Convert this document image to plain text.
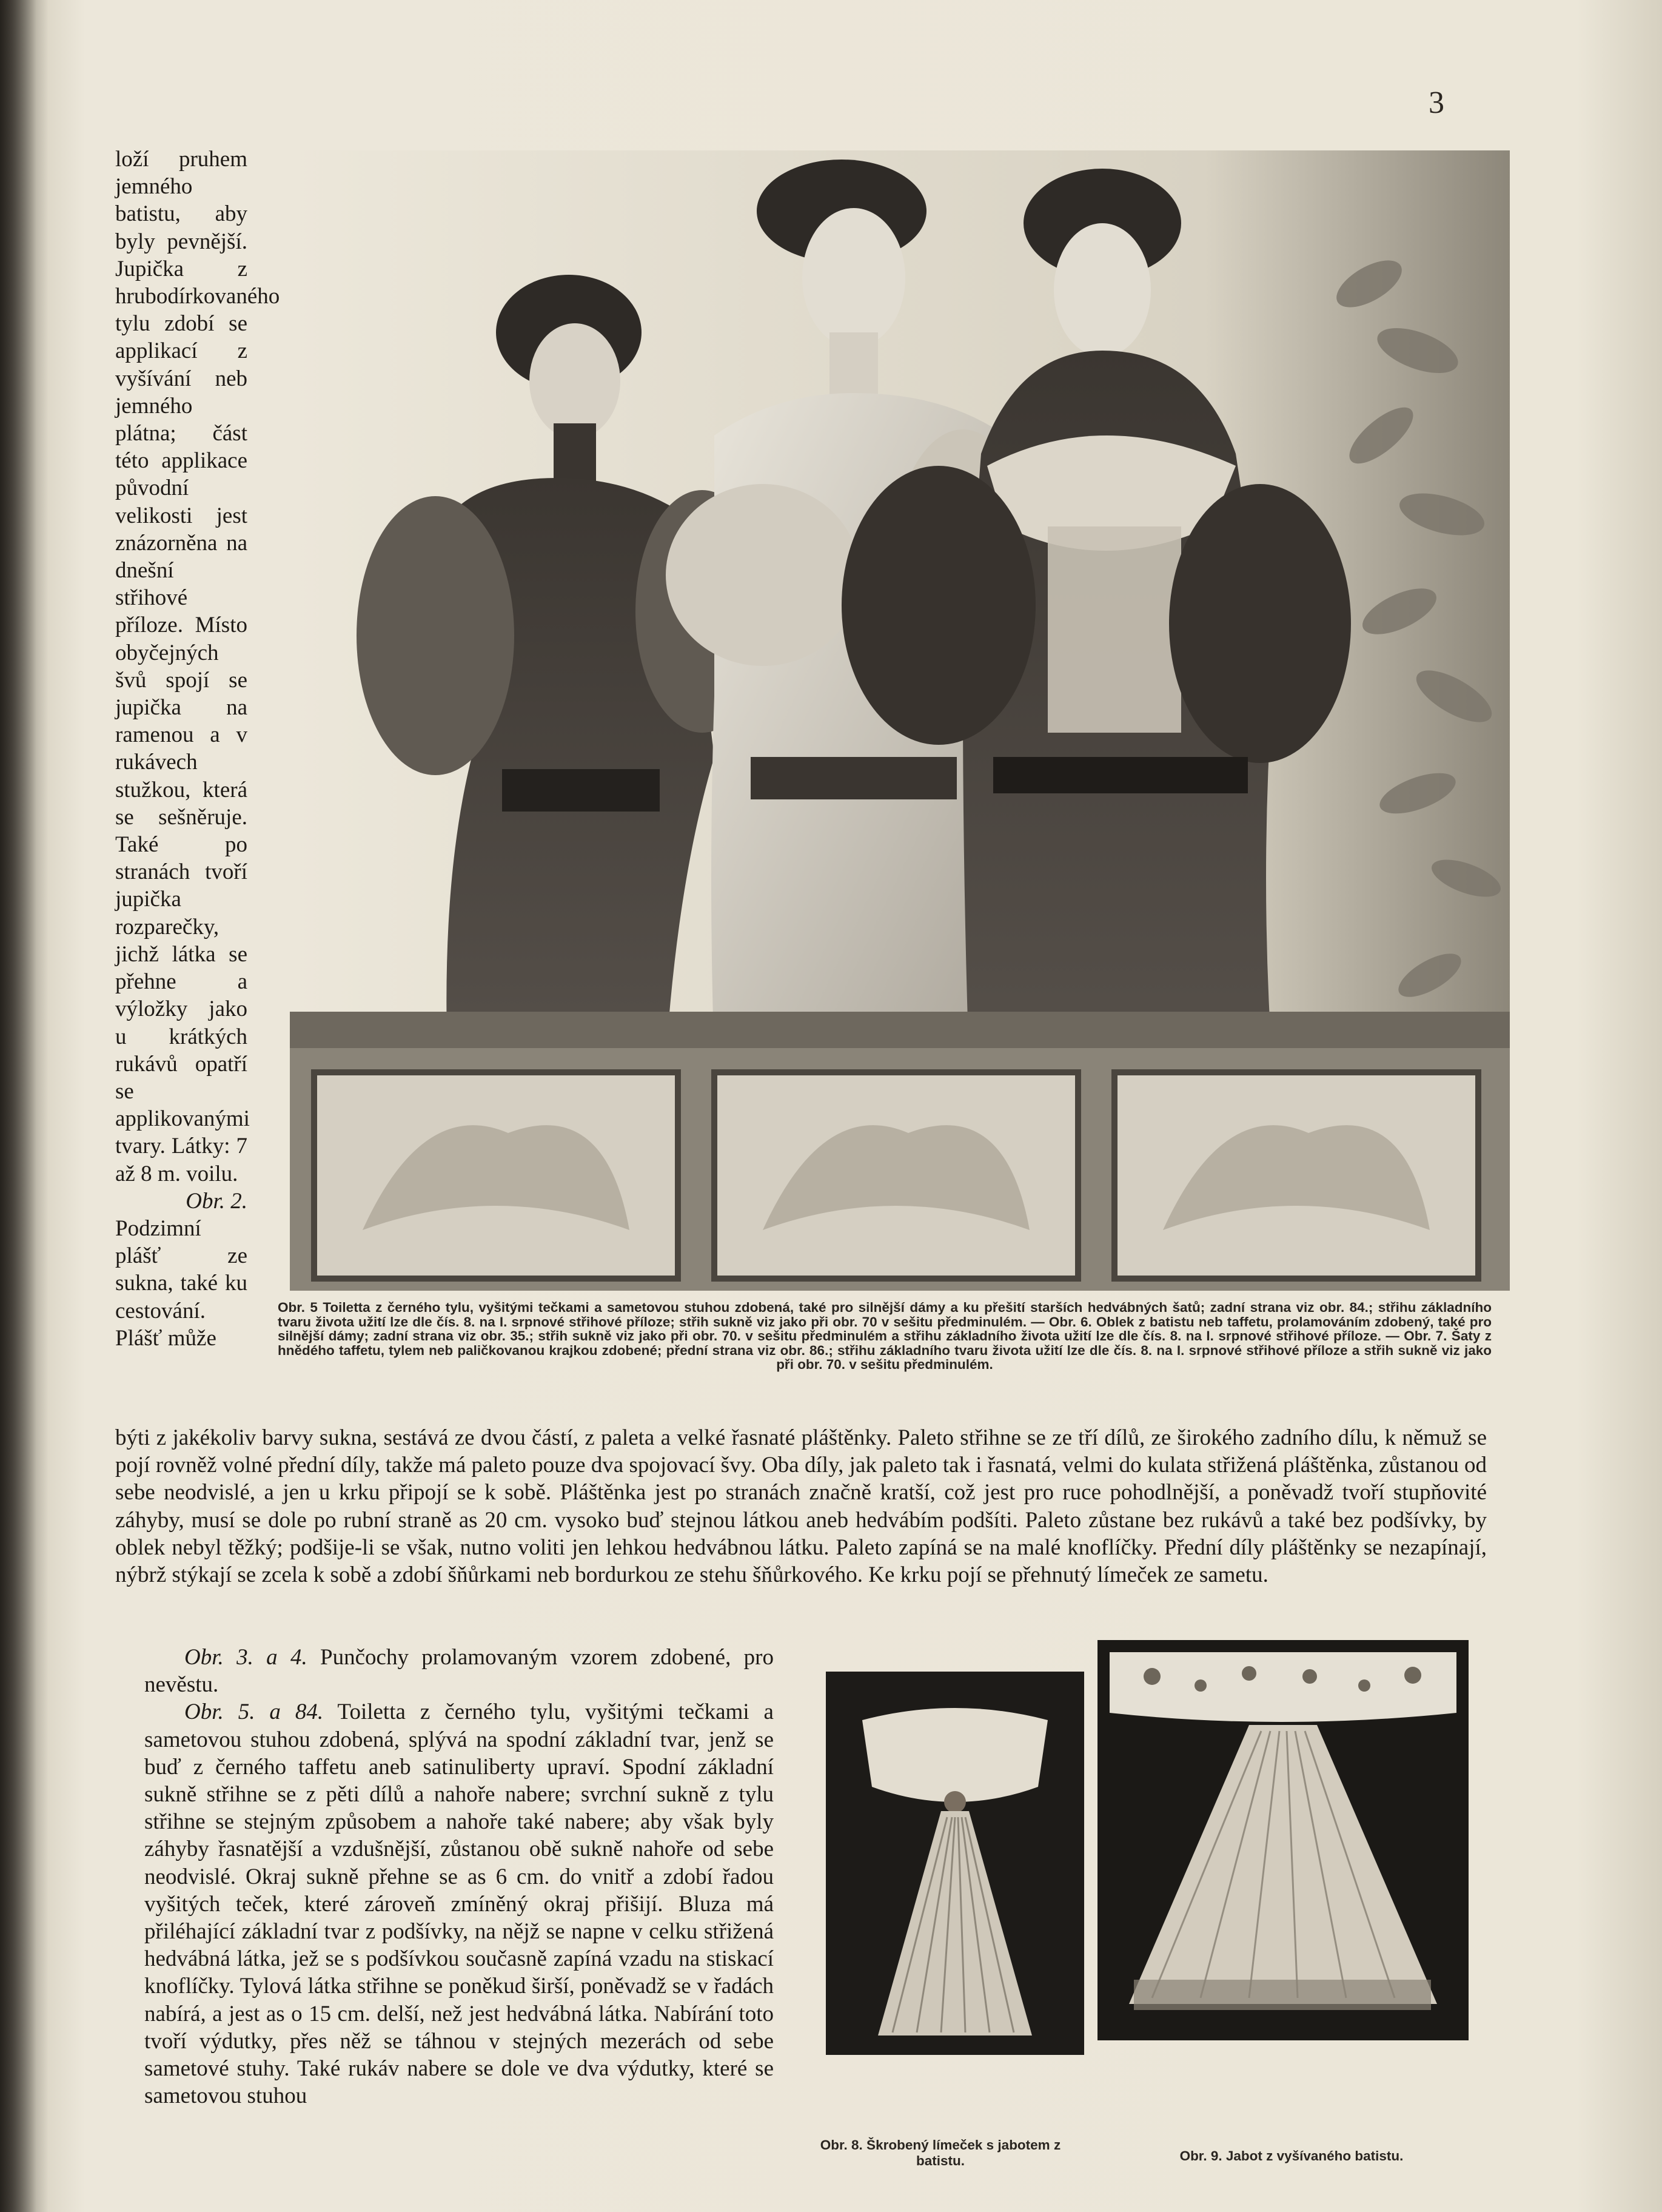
3
loží pruhem jemného batistu, aby byly pevnější. Jupička z hrubodírkovaného tylu zdobí se applikací z vyšívání neb jemného plátna; část této applikace původní velikosti jest znázorněna na dnešní střihové příloze. Místo obyčejných švů spojí se jupička na ramenou a v rukávech stužkou, která se sešněruje. Také po stranách tvoří jupička rozparečky, jichž látka se přehne a výložky jako u krátkých rukávů opatří se applikovanými tvary. Látky: 7 až 8 m. voilu.
Obr. 2.
Podzimní plášť ze sukna, také ku cestování. Plášť může
Obr. 5 Toiletta z černého tylu, vyšitými tečkami a sametovou stuhou zdobená, také pro silnější dámy a ku přešití starších hedvábných šatů; zadní strana viz obr. 84.; střihu základního tvaru života užití lze dle čís. 8. na I. srpnové střihové příloze; střih sukně viz jako při obr. 70 v sešitu předminulém. — Obr. 6. Oblek z batistu neb taffetu, prolamováním zdobený, také pro silnější dámy; zadní strana viz obr. 35.; střih sukně viz jako při obr. 70. v sešitu předminulém a střihu základního života užití lze dle čís. 8. na I. srpnové střihové příloze. — Obr. 7. Šaty z hnědého taffetu, tylem neb paličkovanou krajkou zdobené; přední strana viz obr. 86.; střihu základního tvaru života užití lze dle čís. 8. na I. srpnové střihové příloze a střih sukně viz jako při obr. 70. v sešitu předminulém.
býti z jakékoliv barvy sukna, sestává ze dvou částí, z paleta a velké řasnaté pláštěnky. Paleto střihne se ze tří dílů, ze širokého zadního dílu, k němuž se pojí rovněž volné přední díly, takže má paleto pouze dva spojovací švy. Oba díly, jak paleto tak i řasnatá, velmi do kulata střižená pláštěnka, zůstanou od sebe neodvislé, a jen u krku připojí se k sobě. Pláštěnka jest po stranách značně kratší, což jest pro ruce pohodlnější, a poněvadž tvoří stupňovité záhyby, musí se dole po rubní straně as 20 cm. vysoko buď stejnou látkou aneb hedvábím podšíti. Paleto zůstane bez rukávů a také bez podšívky, by oblek nebyl těžký; podšije-li se však, nutno voliti jen lehkou hedvábnou látku. Paleto zapíná se na malé knoflíčky. Přední díly pláštěnky se nezapínají, nýbrž stýkají se zcela k sobě a zdobí šňůrkami neb bordurkou ze stehu šňůrkového. Ke krku pojí se přehnutý límeček ze sametu.
Obr. 3. a 4. Punčochy prolamovaným vzorem zdobené, pro nevěstu.
Obr. 5. a 84. Toiletta z černého tylu, vyšitými tečkami a sametovou stuhou zdobená, splývá na spodní základní tvar, jenž se buď z černého taffetu aneb satinuliberty upraví. Spodní základní sukně střihne se z pěti dílů a nahoře nabere; svrchní sukně z tylu střihne se stejným způsobem a nahoře také nabere; aby však byly záhyby řasnatější a vzdušnější, zůstanou obě sukně nahoře od sebe neodvislé. Okraj sukně přehne se as 6 cm. do vnitř a zdobí řadou vyšitých teček, které zároveň zmíněný okraj přišijí. Bluza má přiléhající základní tvar z podšívky, na nějž se napne v celku střižená hedvábná látka, jež se s podšívkou současně zapíná vzadu na stiskací knoflíčky. Tylová látka střihne se poněkud širší, poněvadž se v řadách nabírá, a jest as o 15 cm. delší, než jest hedvábná látka. Nabírání toto tvoří výdutky, přes něž se táhnou v stejných mezerách od sebe sametové stuhy. Také rukáv nabere se dole ve dva výdutky, které se sametovou stuhou
Obr. 8. Škrobený límeček s jabotem z batistu.	Obr. 9. Jabot z vyšívaného batistu.
